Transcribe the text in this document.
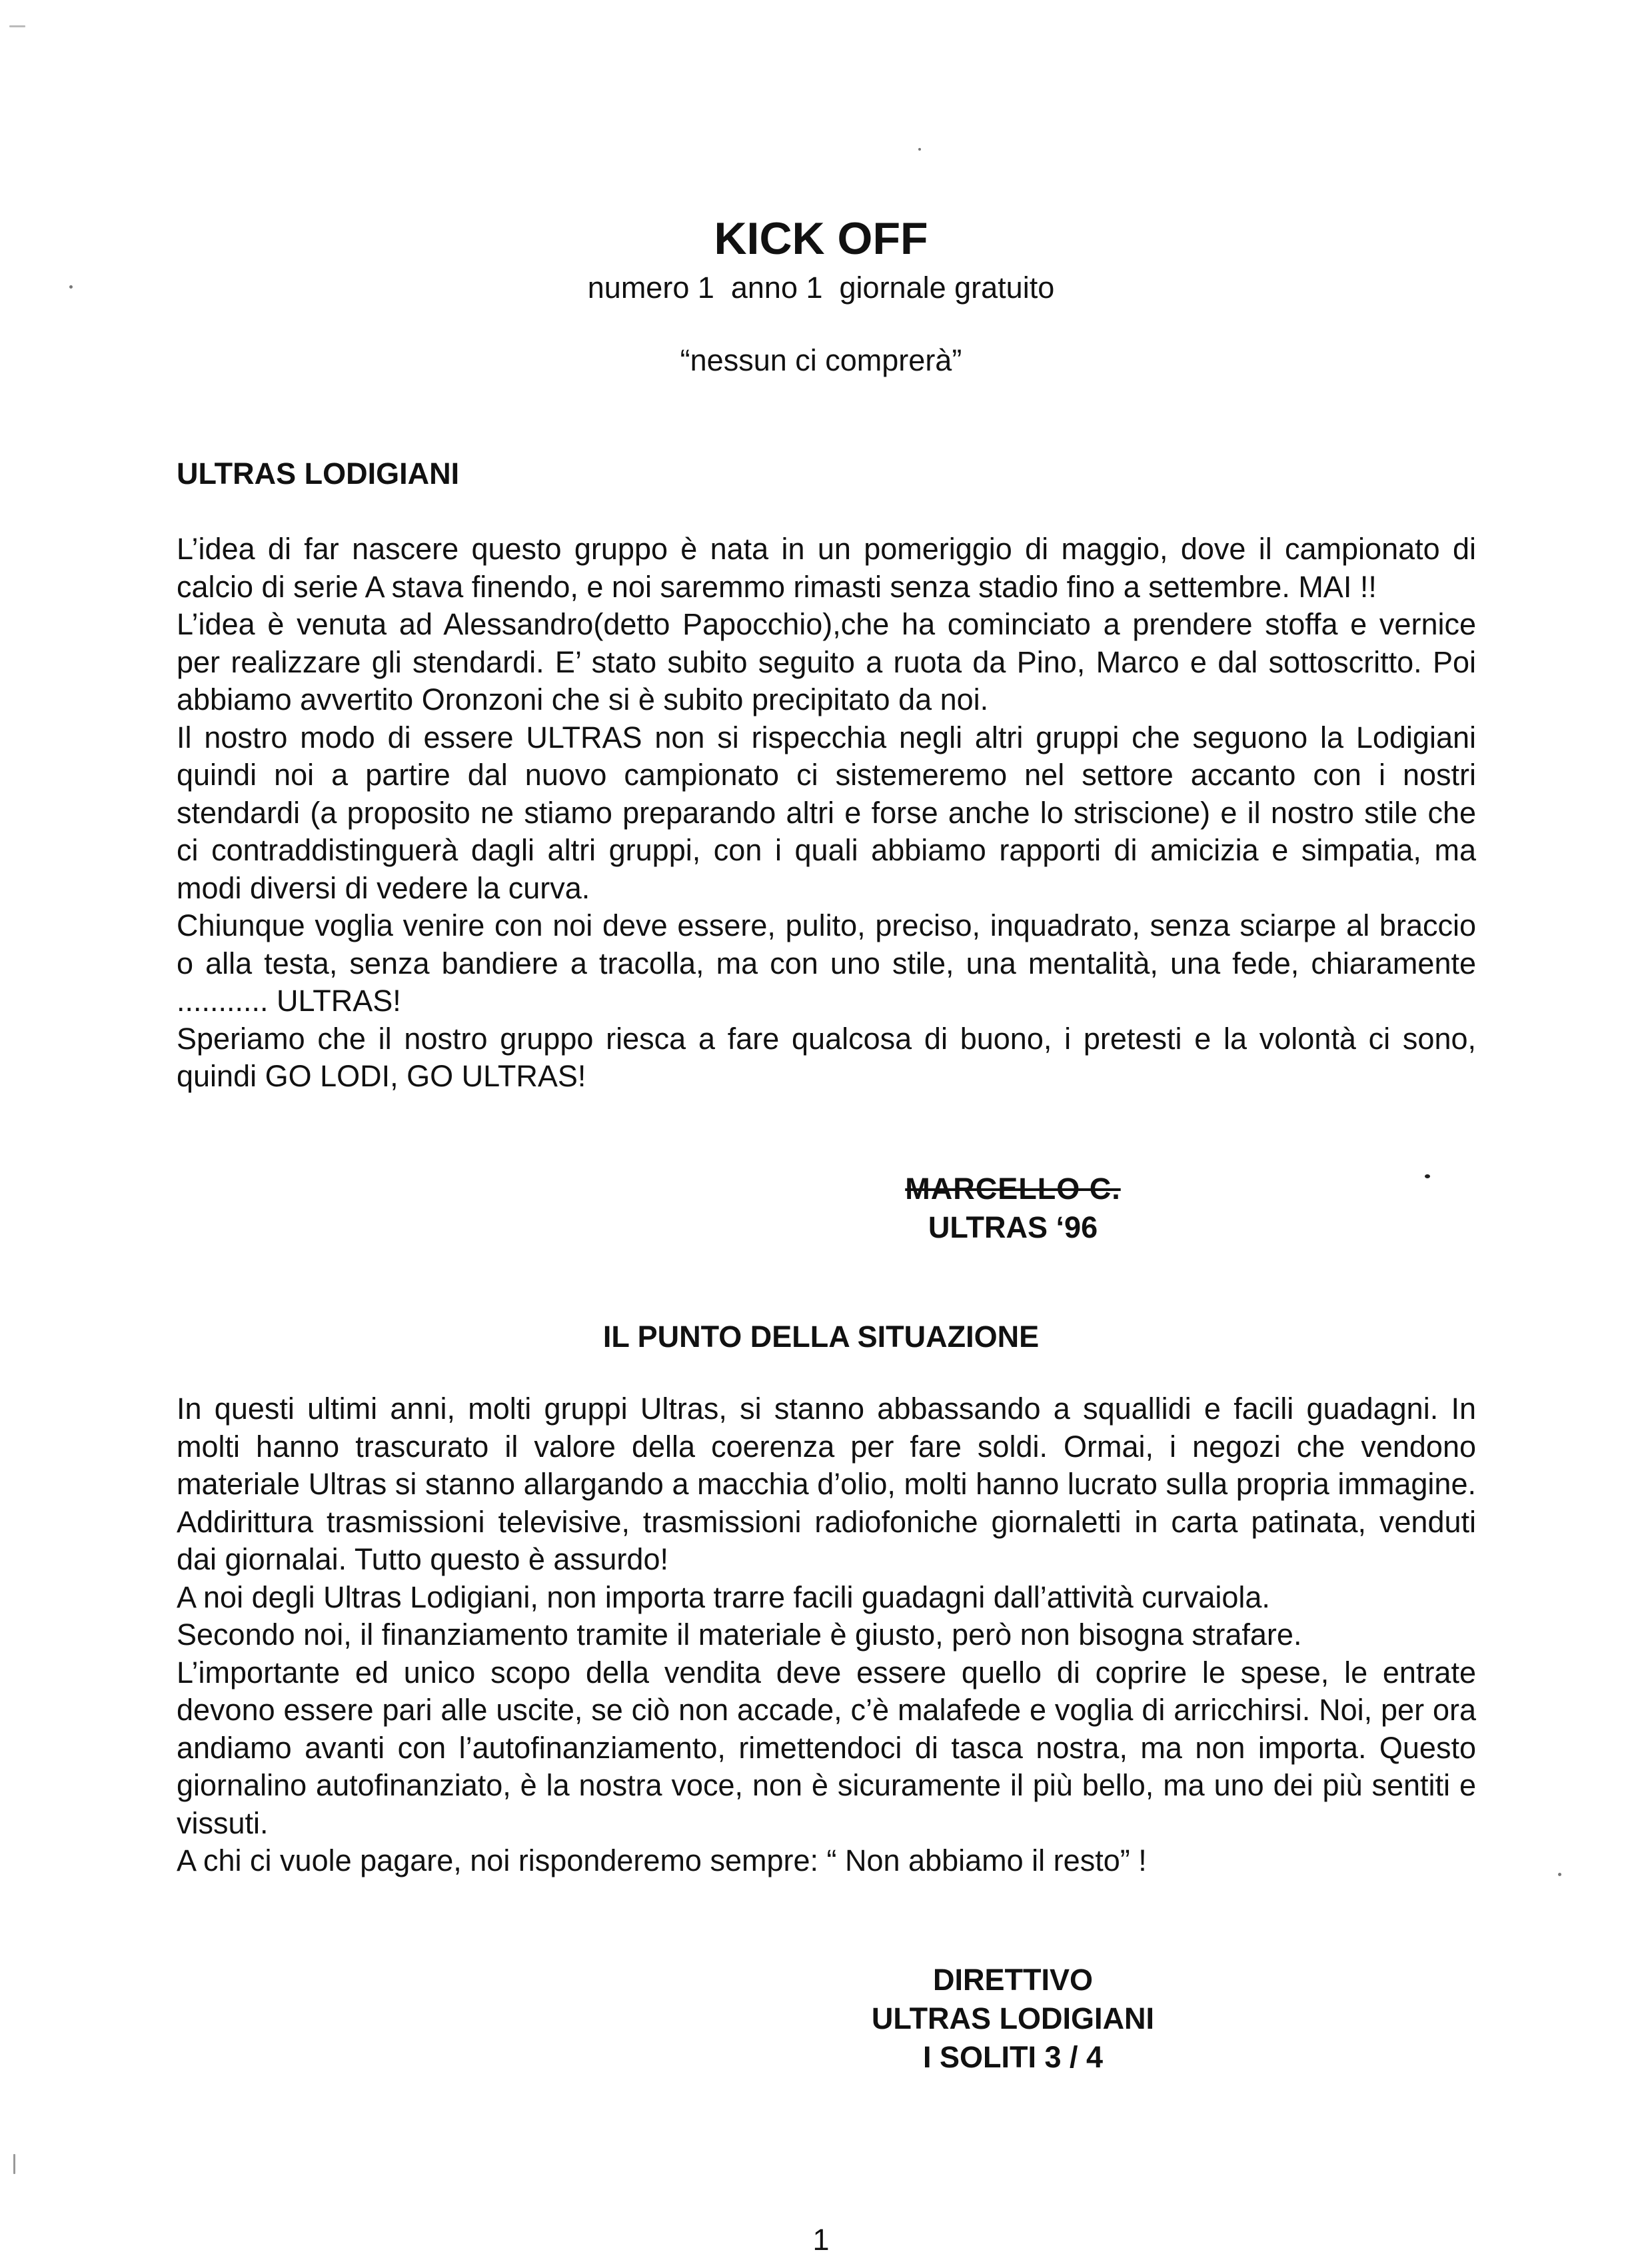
KICK OFF
numero 1  anno 1  giornale gratuito
“nessun ci comprerà”
ULTRAS LODIGIANI

L’idea di far nascere questo gruppo è nata in un pomeriggio di maggio, dove il campionato di calcio di serie A stava finendo, e noi saremmo rimasti senza stadio fino a settembre. MAI !!

L’idea è venuta ad Alessandro(detto Papocchio),che ha cominciato a prendere stoffa e vernice per realizzare gli stendardi. E’ stato subito seguito a ruota da Pino, Marco e dal sottoscritto. Poi abbiamo avvertito Oronzoni che si è subito precipitato da noi.

Il nostro modo di essere ULTRAS non si rispecchia negli altri gruppi che seguono la Lodigiani quindi noi a partire dal nuovo campionato ci sistemeremo nel settore accanto con i nostri stendardi (a proposito ne stiamo preparando altri e forse anche lo striscione) e il nostro stile che ci contraddistinguerà dagli altri gruppi, con i quali abbiamo rapporti di amicizia e simpatia, ma modi diversi di vedere la curva.

Chiunque voglia venire con noi deve essere, pulito, preciso, inquadrato, senza sciarpe al braccio o alla testa, senza bandiere a tracolla, ma con uno stile, una mentalità, una fede, chiaramente ........... ULTRAS!

Speriamo che il nostro gruppo riesca a fare qualcosa di buono, i pretesti e la volontà ci sono, quindi GO LODI, GO ULTRAS!

MARCELLO C.
ULTRAS ‘96
IL PUNTO DELLA SITUAZIONE

In questi ultimi anni, molti gruppi Ultras, si stanno abbassando a squallidi e facili guadagni. In molti hanno trascurato il valore della coerenza per fare soldi. Ormai, i negozi che vendono materiale Ultras si stanno allargando a macchia d’olio, molti hanno lucrato sulla propria immagine. Addirittura trasmissioni televisive, trasmissioni radiofoniche giornaletti in carta patinata, venduti dai giornalai. Tutto questo è assurdo!

A noi degli Ultras Lodigiani, non importa trarre facili guadagni dall’attività curvaiola.

Secondo noi, il finanziamento tramite il materiale è giusto, però non bisogna strafare.

L’importante ed unico scopo della vendita deve essere quello di coprire le spese, le entrate devono essere pari alle uscite, se ciò non accade, c’è malafede e voglia di arricchirsi. Noi, per ora andiamo avanti con l’autofinanziamento, rimettendoci di tasca nostra, ma non importa. Questo giornalino autofinanziato, è la nostra voce, non è sicuramente il più bello, ma uno dei più sentiti e vissuti.

A chi ci vuole pagare, noi risponderemo sempre: “ Non abbiamo il resto” !

DIRETTIVO
ULTRAS LODIGIANI
I SOLITI 3 / 4
1
